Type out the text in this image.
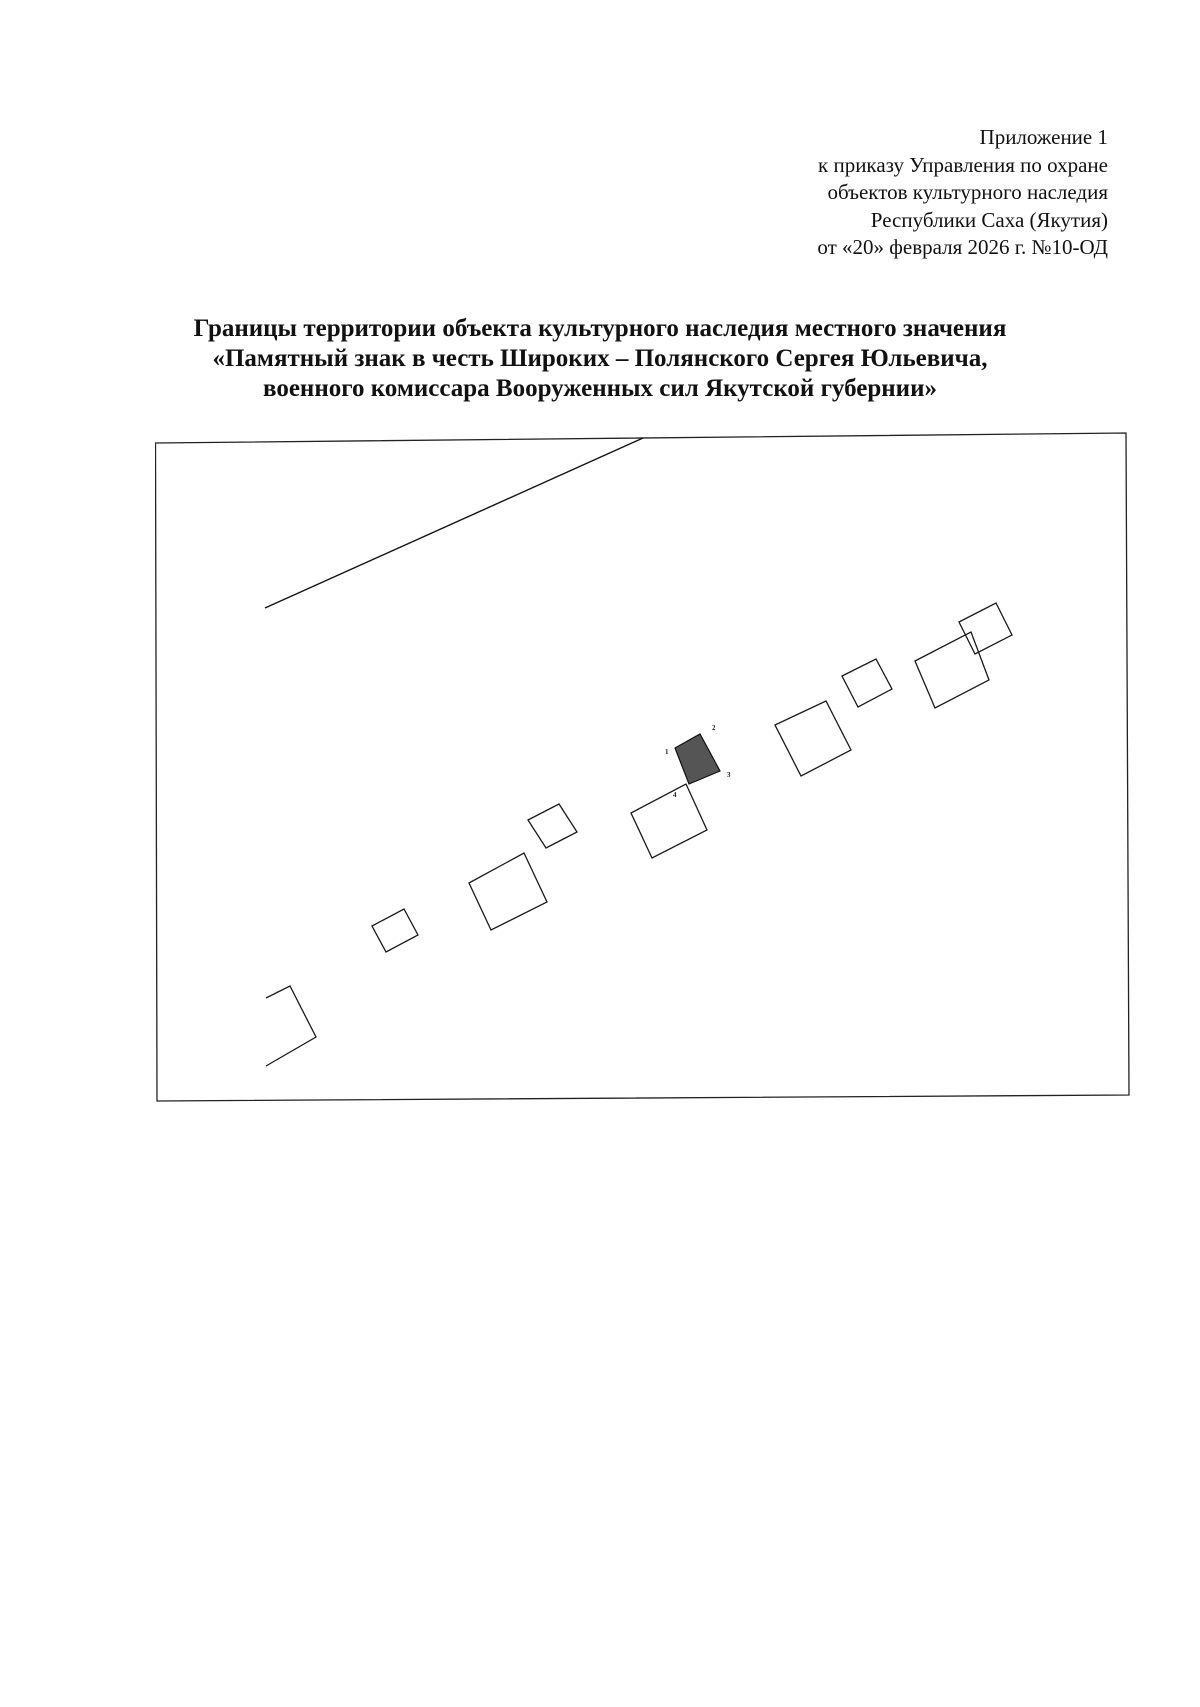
Приложение 1
к приказу Управления по охране
объектов культурного наследия
Республики Саха (Якутия)
от «20» февраля 2026 г. №10-ОД
Границы территории объекта культурного наследия местного значения
«Памятный знак в честь Широких – Полянского Сергея Юльевича,
военного комиссара Вооруженных сил Якутской губернии»
1
2
3
4
